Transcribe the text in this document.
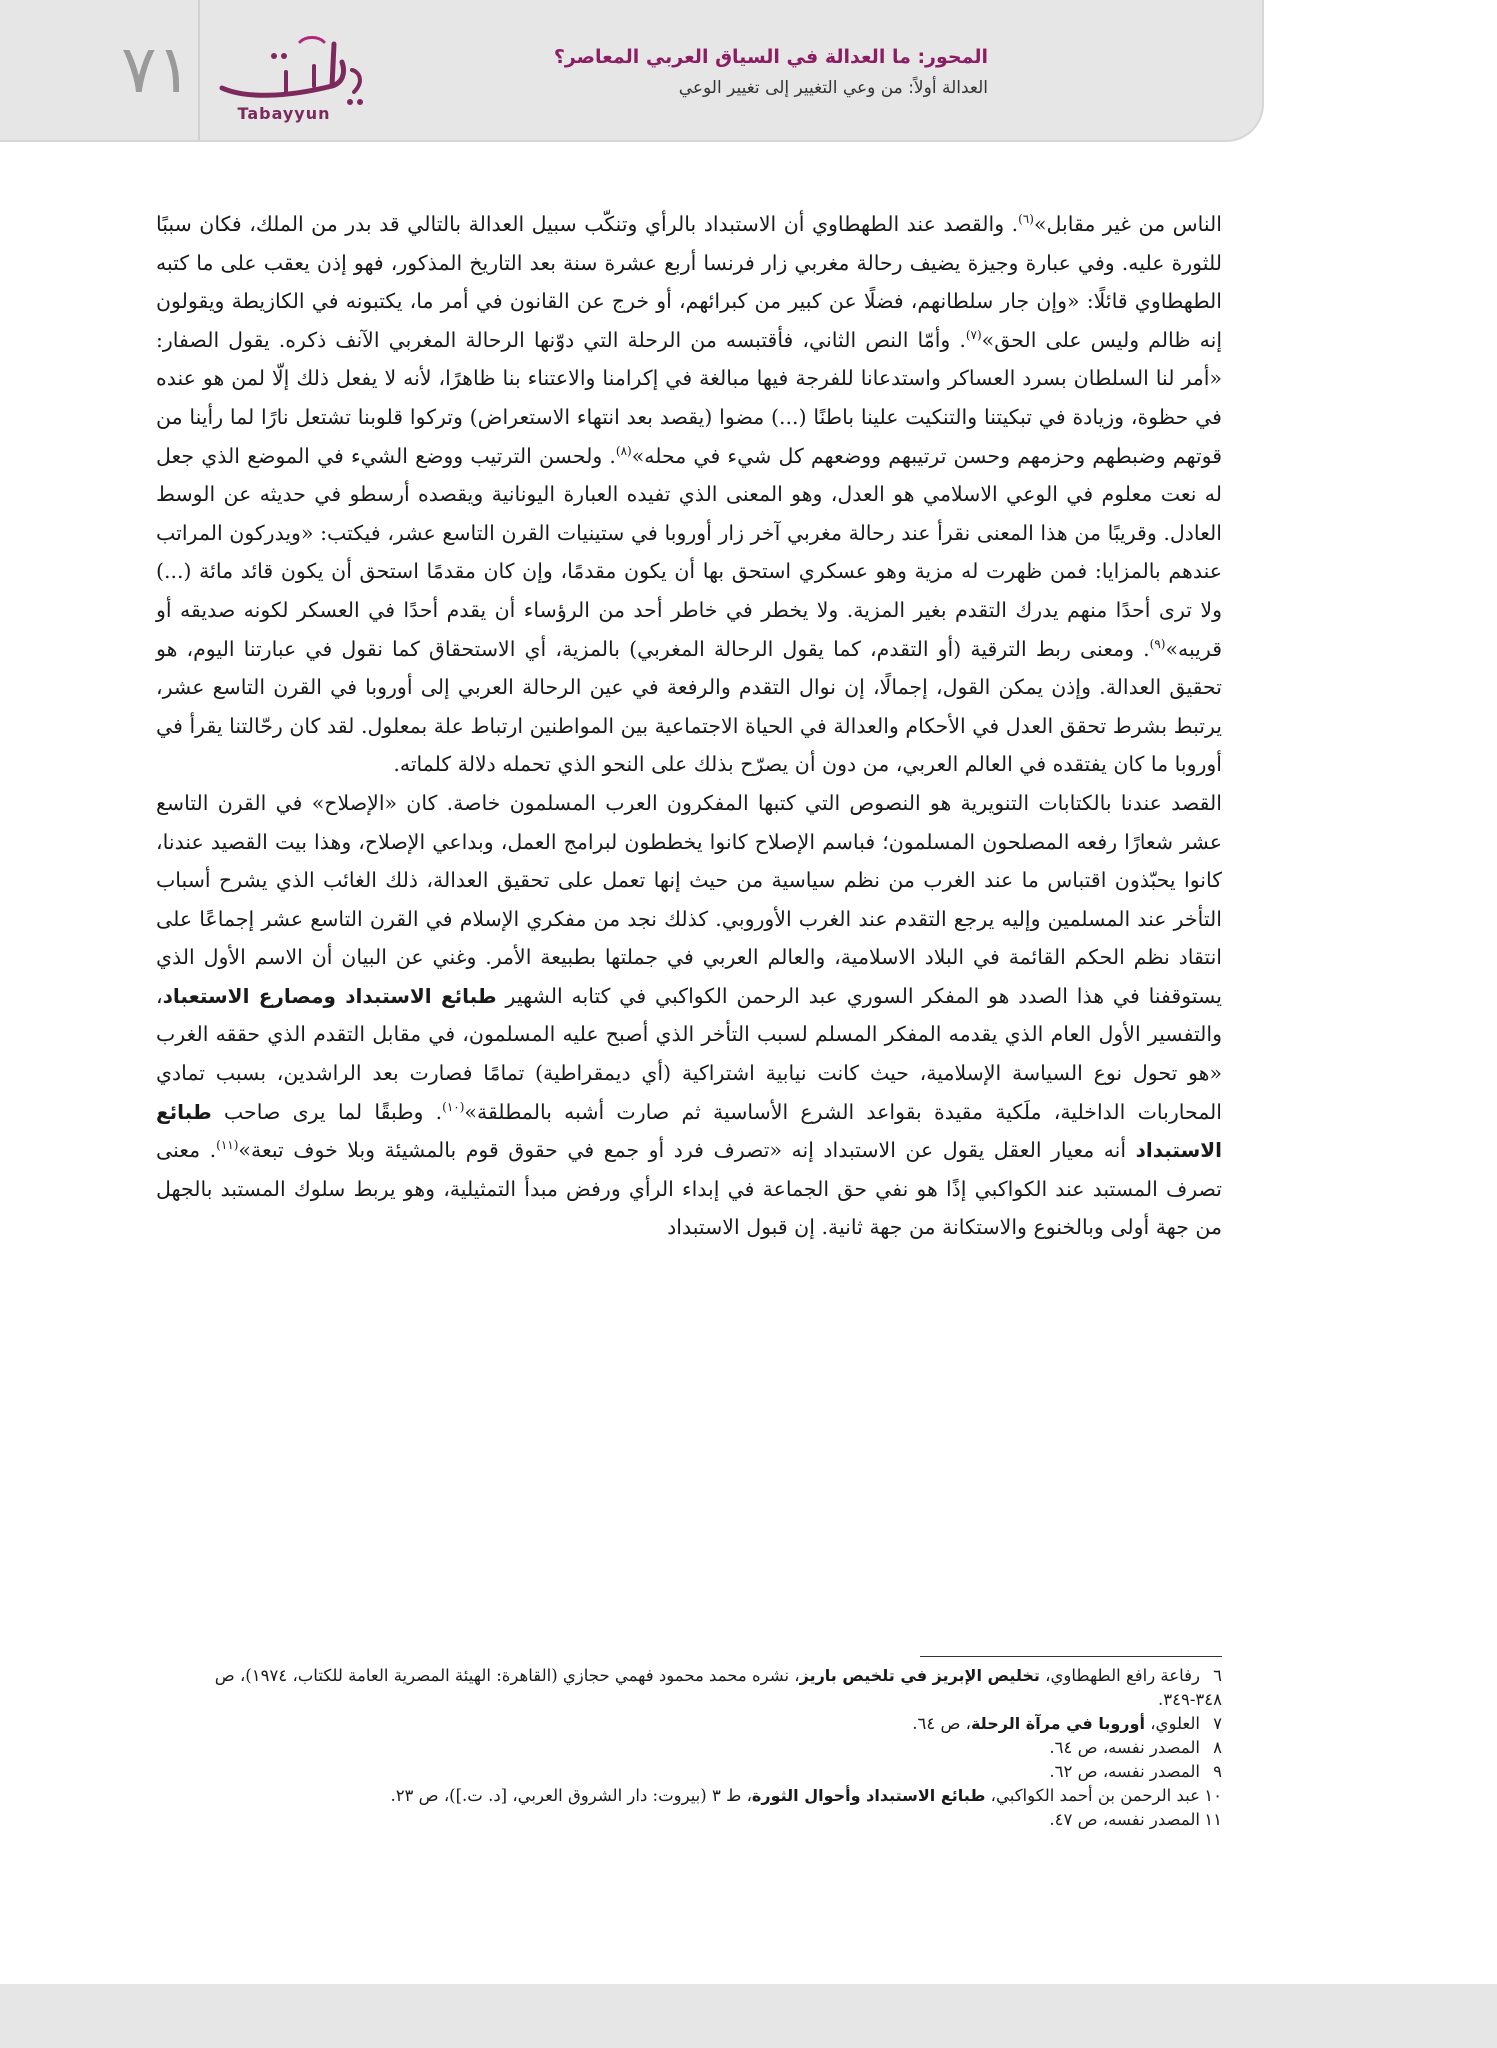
٧١
Tabayyun

المحور: ما العدالة في السياق العربي المعاصر؟

العدالة أولاً: من وعي التغيير إلى تغيير الوعي

الناس من غير مقابل»$^{(٦)}$. والقصد عند الطهطاوي أن الاستبداد بالرأي وتنكّب سبيل العدالة بالتالي قد بدر من الملك، فكان سببًا للثورة عليه. وفي عبارة وجيزة يضيف رحالة مغربي زار فرنسا أربع عشرة سنة بعد التاريخ المذكور، فهو إذن يعقب على ما كتبه الطهطاوي قائلًا: «وإن جار سلطانهم، فضلًا عن كبير من كبرائهم، أو خرج عن القانون في أمر ما، يكتبونه في الكازيطة ويقولون إنه ظالم وليس على الحق»$^{(٧)}$. وأمّا النص الثاني، فأقتبسه من الرحلة التي دوّنها الرحالة المغربي الآنف ذكره. يقول الصفار: «أمر لنا السلطان بسرد العساكر واستدعانا للفرجة فيها مبالغة في إكرامنا والاعتناء بنا ظاهرًا، لأنه لا يفعل ذلك إلّا لمن هو عنده في حظوة، وزيادة في تبكيتنا والتنكيت علينا باطنًا (...) مضوا (يقصد بعد انتهاء الاستعراض) وتركوا قلوبنا تشتعل نارًا لما رأينا من قوتهم وضبطهم وحزمهم وحسن ترتيبهم ووضعهم كل شيء في محله»$^{(٨)}$. ولحسن الترتيب ووضع الشيء في الموضع الذي جعل له نعت معلوم في الوعي الاسلامي هو العدل، وهو المعنى الذي تفيده العبارة اليونانية ويقصده أرسطو في حديثه عن الوسط العادل. وقريبًا من هذا المعنى نقرأ عند رحالة مغربي آخر زار أوروبا في ستينيات القرن التاسع عشر، فيكتب: «ويدركون المراتب عندهم بالمزايا: فمن ظهرت له مزية وهو عسكري استحق بها أن يكون مقدمًا، وإن كان مقدمًا استحق أن يكون قائد مائة (...) ولا ترى أحدًا منهم يدرك التقدم بغير المزية. ولا يخطر في خاطر أحد من الرؤساء أن يقدم أحدًا في العسكر لكونه صديقه أو قريبه»$^{(٩)}$. ومعنى ربط الترقية (أو التقدم، كما يقول الرحالة المغربي) بالمزية، أي الاستحقاق كما نقول في عبارتنا اليوم، هو تحقيق العدالة. وإذن يمكن القول، إجمالًا، إن نوال التقدم والرفعة في عين الرحالة العربي إلى أوروبا في القرن التاسع عشر، يرتبط بشرط تحقق العدل في الأحكام والعدالة في الحياة الاجتماعية بين المواطنين ارتباط علة بمعلول. لقد كان رحّالتنا يقرأ في أوروبا ما كان يفتقده في العالم العربي، من دون أن يصرّح بذلك على النحو الذي تحمله دلالة كلماته.

القصد عندنا بالكتابات التنويرية هو النصوص التي كتبها المفكرون العرب المسلمون خاصة. كان «الإصلاح» في القرن التاسع عشر شعارًا رفعه المصلحون المسلمون؛ فباسم الإصلاح كانوا يخططون لبرامج العمل، وبداعي الإصلاح، وهذا بيت القصيد عندنا، كانوا يحبّذون اقتباس ما عند الغرب من نظم سياسية من حيث إنها تعمل على تحقيق العدالة، ذلك الغائب الذي يشرح أسباب التأخر عند المسلمين وإليه يرجع التقدم عند الغرب الأوروبي. كذلك نجد من مفكري الإسلام في القرن التاسع عشر إجماعًا على انتقاد نظم الحكم القائمة في البلاد الاسلامية، والعالم العربي في جملتها بطبيعة الأمر. وغني عن البيان أن الاسم الأول الذي يستوقفنا في هذا الصدد هو المفكر السوري عبد الرحمن الكواكبي في كتابه الشهير طبائع الاستبداد ومصارع الاستعباد، والتفسير الأول العام الذي يقدمه المفكر المسلم لسبب التأخر الذي أصبح عليه المسلمون، في مقابل التقدم الذي حققه الغرب «هو تحول نوع السياسة الإسلامية، حيث كانت نيابية اشتراكية (أي ديمقراطية) تمامًا فصارت بعد الراشدين، بسبب تمادي المحاربات الداخلية، ملَكية مقيدة بقواعد الشرع الأساسية ثم صارت أشبه بالمطلقة»$^{(١٠)}$. وطبقًا لما يرى صاحب طبائع الاستبداد أنه معيار العقل يقول عن الاستبداد إنه «تصرف فرد أو جمع في حقوق قوم بالمشيئة وبلا خوف تبعة»$^{(١١)}$. معنى تصرف المستبد عند الكواكبي إذًا هو نفي حق الجماعة في إبداء الرأي ورفض مبدأ التمثيلية، وهو يربط سلوك المستبد بالجهل من جهة أولى وبالخنوع والاستكانة من جهة ثانية. إن قبول الاستبداد

٦رفاعة رافع الطهطاوي، تخليص الإبريز في تلخيص باريز، نشره محمد محمود فهمي حجازي (القاهرة: الهيئة المصرية العامة للكتاب، ١٩٧٤)، ص ٣٤٨-٣٤٩.

٧العلوي، أوروبا في مرآة الرحلة، ص ٦٤.

٨المصدر نفسه، ص ٦٤.

٩المصدر نفسه، ص ٦٢.

١٠عبد الرحمن بن أحمد الكواكبي، طبائع الاستبداد وأحوال الثورة، ط ٣ (بيروت: دار الشروق العربي، [د. ت.])، ص ٢٣.

١١المصدر نفسه، ص ٤٧.
